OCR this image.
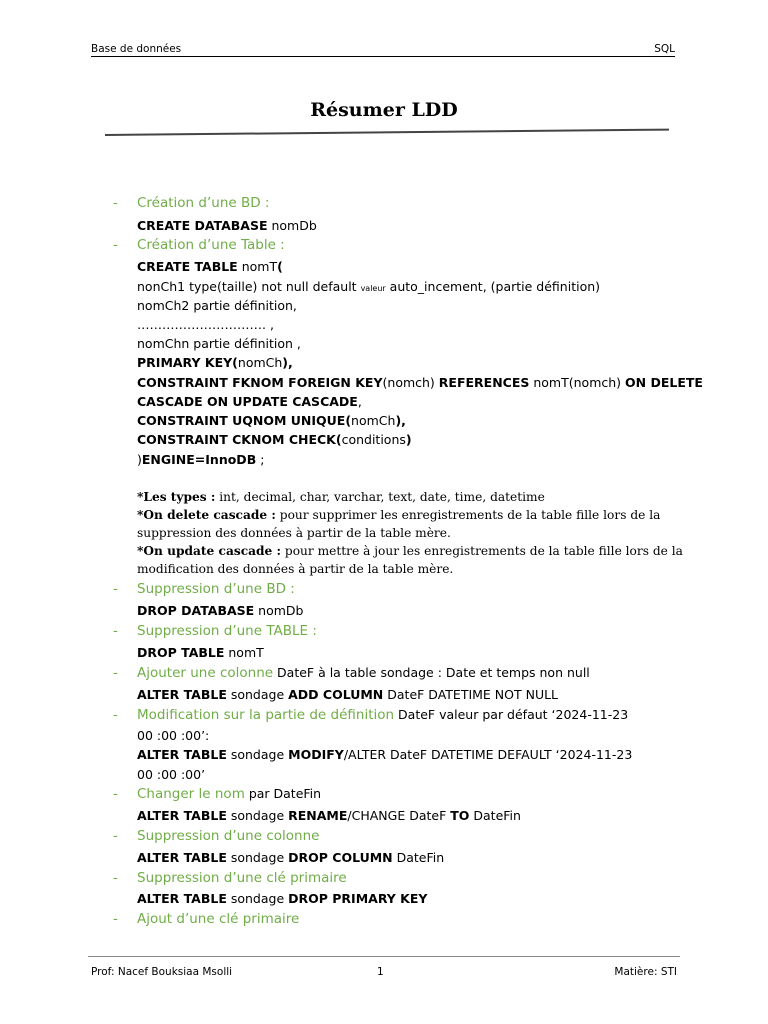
Base de données	SQL
Résumer LDD
- Création d’une BD :
CREATE DATABASE nomDb
- Création d’une Table :
CREATE TABLE nomT(
nonCh1 type(taille) not null default valeur auto_incement, (partie définition)
nomCh2 partie définition,
…………………………. ,
nomChn partie définition ,
PRIMARY KEY(nomCh),
CONSTRAINT FKNOM FOREIGN KEY(nomch) REFERENCES nomT(nomch) ON DELETE
CASCADE ON UPDATE CASCADE,
CONSTRAINT UQNOM UNIQUE(nomCh),
CONSTRAINT CKNOM CHECK(conditions)
)ENGINE=InnoDB ;
*Les types : int, decimal, char, varchar, text, date, time, datetime
*On delete cascade : pour supprimer les enregistrements de la table fille lors de la
suppression des données à partir de la table mère.
*On update cascade : pour mettre à jour les enregistrements de la table fille lors de la
modification des données à partir de la table mère.
- Suppression d’une BD :
DROP DATABASE nomDb
- Suppression d’une TABLE :
DROP TABLE nomT
- Ajouter une colonne DateF à la table sondage : Date et temps non null
ALTER TABLE sondage ADD COLUMN DateF DATETIME NOT NULL
- Modification sur la partie de définition DateF valeur par défaut ‘2024-11-23
00 :00 :00’:
ALTER TABLE sondage MODIFY/ALTER DateF DATETIME DEFAULT ‘2024-11-23
00 :00 :00’
- Changer le nom par DateFin
ALTER TABLE sondage RENAME/CHANGE DateF TO DateFin
- Suppression d’une colonne
ALTER TABLE sondage DROP COLUMN DateFin
- Suppression d’une clé primaire
ALTER TABLE sondage DROP PRIMARY KEY
- Ajout d’une clé primaire
Prof: Nacef Bouksiaa Msolli	1	Matière: STI
